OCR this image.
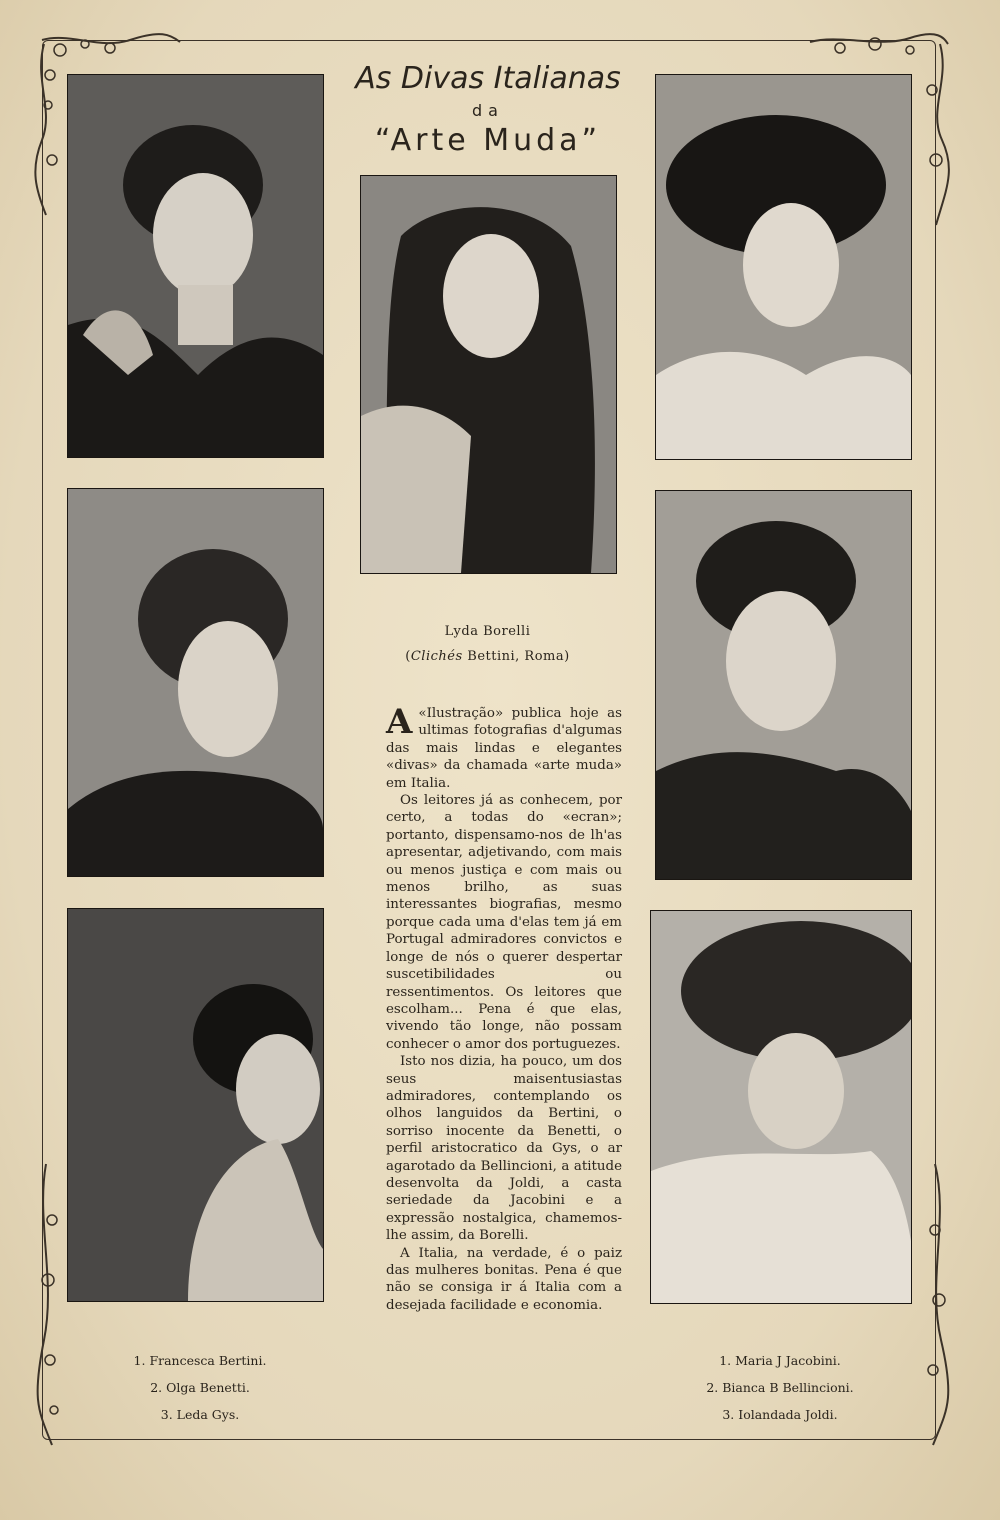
As Divas Italianas
da
“Arte Muda”
Lyda Borelli
(Clichés Bettini, Roma)

A «Ilustração» publica hoje as ultimas fotografias d'algumas das mais lindas e elegantes «divas» da chamada «arte muda» em Italia.

Os leitores já as conhecem, por certo, a todas do «ecran»; portanto, dispensamo-nos de lh'as apresentar, adjetivando, com mais ou menos justiça e com mais ou menos brilho, as suas interessantes biografias, mesmo porque cada uma d'elas tem já em Portugal admiradores convictos e longe de nós o querer despertar suscetibilidades ou ressentimentos. Os leitores que escolham... Pena é que elas, vivendo tão longe, não possam conhecer o amor dos portuguezes.

Isto nos dizia, ha pouco, um dos seus maisentusiastas admiradores, contemplando os olhos languidos da Bertini, o sorriso inocente da Benetti, o perfil aristocratico da Gys, o ar agarotado da Bellincioni, a atitude desenvolta da Joldi, a casta seriedade da Jacobini e a expressão nostalgica, chamemos-lhe assim, da Borelli.

A Italia, na verdade, é o paiz das mulheres bonitas. Pena é que não se consiga ir á Italia com a desejada facilidade e economia.

1. Francesca Bertini.
2. Olga Benetti.
3. Leda Gys.
1. Maria J Jacobini.
2. Bianca B Bellincioni.
3. Iolandada Joldi.
